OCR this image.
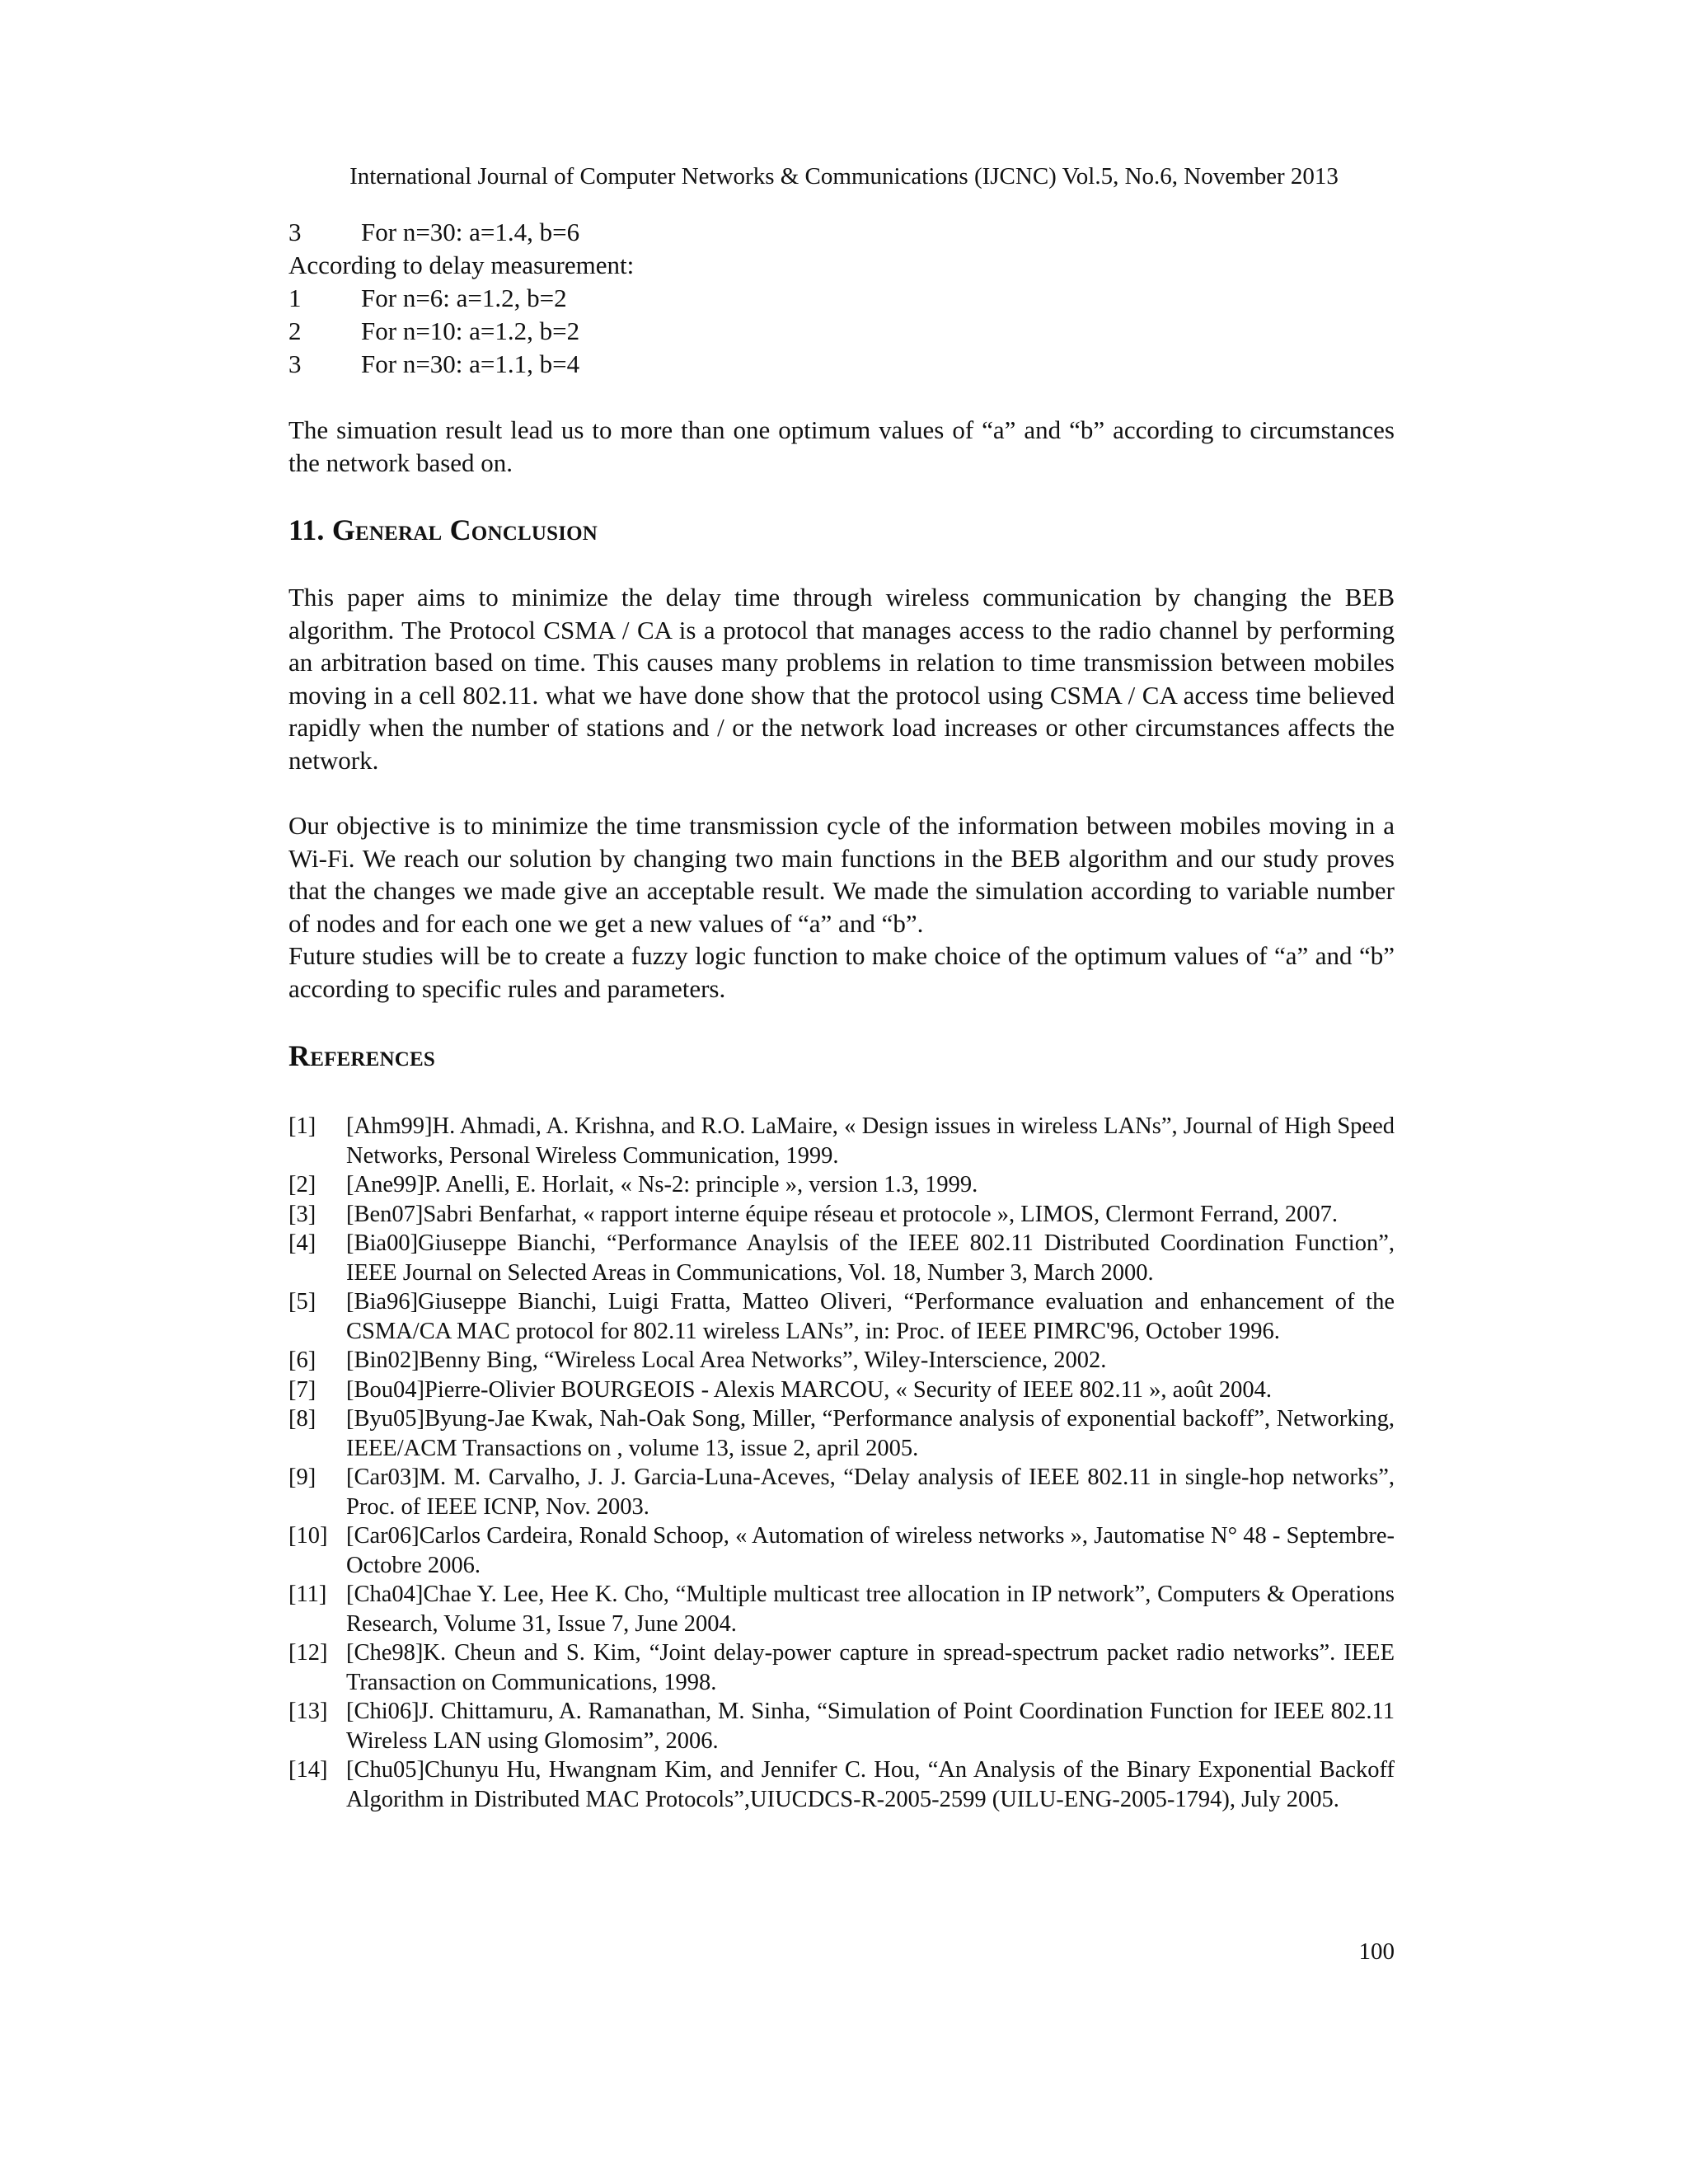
International Journal of Computer Networks & Communications (IJCNC) Vol.5, No.6, November 2013
3	For n=30: a=1.4, b=6
According to delay measurement:
1	For n=6: a=1.2, b=2
2	For n=10: a=1.2, b=2
3	For n=30: a=1.1, b=4

The simuation result lead us to more than one optimum values of “a” and “b” according to circumstances the network based on.

11. General Conclusion

This paper aims to minimize the delay time through wireless communication by changing the BEB algorithm. The Protocol CSMA / CA is a protocol that manages access to the radio channel by performing an arbitration based on time. This causes many problems in relation to time transmission between mobiles moving in a cell 802.11. what we have done show that the protocol using CSMA / CA access time believed rapidly when the number of stations and / or the network load increases or other circumstances affects the network.

Our objective is to minimize the time transmission cycle of the information between mobiles moving in a Wi-Fi. We reach our solution by changing two main functions in the BEB algorithm and our study proves that the changes we made give an acceptable result. We made the simulation according to variable number of nodes and for each one we get a new values of “a” and “b”.

Future studies will be to create a fuzzy logic function to make choice of the optimum values of “a” and “b” according to specific rules and parameters.

References
[1]	[Ahm99]H. Ahmadi, A. Krishna, and R.O. LaMaire, « Design issues in wireless LANs”, Journal of High Speed Networks, Personal Wireless Communication, 1999.
[2]	[Ane99]P. Anelli, E. Horlait, « Ns-2: principle », version 1.3, 1999.
[3]	[Ben07]Sabri Benfarhat, « rapport interne équipe réseau et protocole », LIMOS, Clermont Ferrand, 2007.
[4]	[Bia00]Giuseppe Bianchi, “Performance Anaylsis of the IEEE 802.11 Distributed Coordination Function”, IEEE Journal on Selected Areas in Communications, Vol. 18, Number 3, March 2000.
[5]	[Bia96]Giuseppe Bianchi, Luigi Fratta, Matteo Oliveri, “Performance evaluation and enhancement of the CSMA/CA MAC protocol for 802.11 wireless LANs”, in: Proc. of IEEE PIMRC'96, October 1996.
[6]	[Bin02]Benny Bing, “Wireless Local Area Networks”, Wiley-Interscience, 2002.
[7]	[Bou04]Pierre-Olivier BOURGEOIS - Alexis MARCOU, « Security of IEEE 802.11 », août 2004.
[8]	[Byu05]Byung-Jae Kwak, Nah-Oak Song, Miller, “Performance analysis of exponential backoff”, Networking, IEEE/ACM Transactions on , volume 13, issue 2, april 2005.
[9]	[Car03]M. M. Carvalho, J. J. Garcia-Luna-Aceves, “Delay analysis of IEEE 802.11 in single-hop networks”, Proc. of IEEE ICNP, Nov. 2003.
[10] [Car06]Carlos Cardeira, Ronald Schoop, « Automation of wireless networks », Jautomatise N° 48 - Septembre-Octobre 2006.
[11] [Cha04]Chae Y. Lee, Hee K. Cho, “Multiple multicast tree allocation in IP network”, Computers & Operations Research, Volume 31, Issue 7, June 2004.
[12] [Che98]K. Cheun and S. Kim, “Joint delay-power capture in spread-spectrum packet radio networks”. IEEE Transaction on Communications, 1998.
[13] [Chi06]J. Chittamuru, A. Ramanathan, M. Sinha, “Simulation of Point Coordination Function for IEEE 802.11 Wireless LAN using Glomosim”, 2006.
[14] [Chu05]Chunyu Hu, Hwangnam Kim, and Jennifer C. Hou, “An Analysis of the Binary Exponential Backoff Algorithm in Distributed MAC Protocols”,UIUCDCS-R-2005-2599 (UILU-ENG-2005-1794), July 2005.
100
